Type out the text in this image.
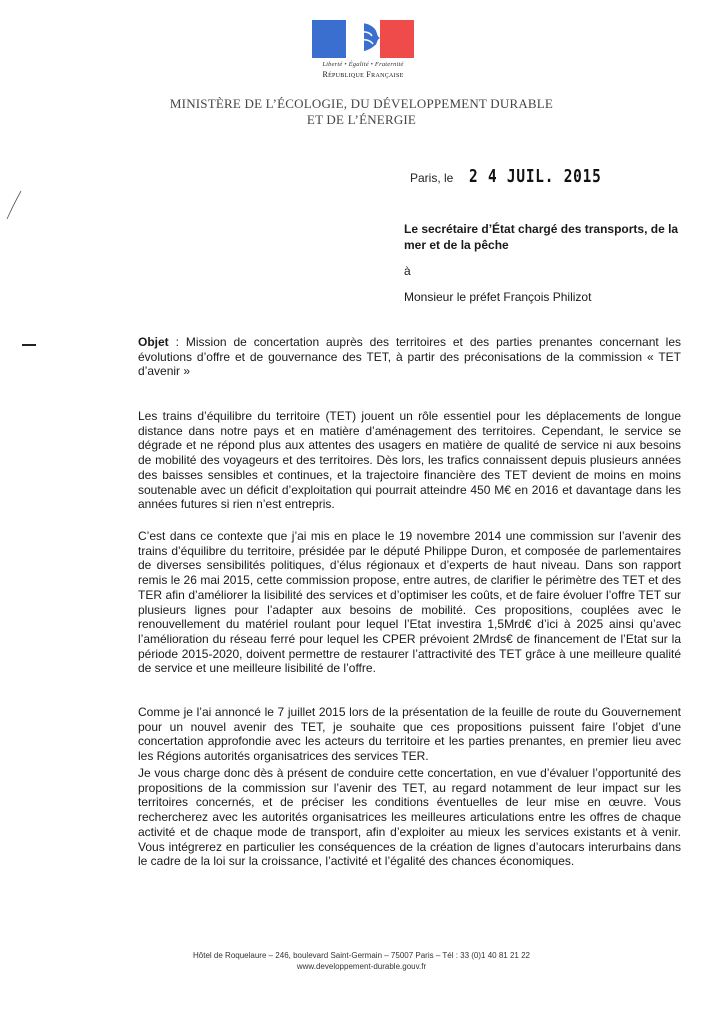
Liberté • Égalité • Fraternité
République Française
MINISTÈRE DE L’ÉCOLOGIE, DU DÉVELOPPEMENT DURABLE
ET DE L’ÉNERGIE
Paris, le 2 4 JUIL. 2015
Le secrétaire d’État chargé des transports, de la mer et de la pêche
à
Monsieur le préfet François Philizot
Objet : Mission de concertation auprès des territoires et des parties prenantes concernant les évolutions d’offre et de gouvernance des TET, à partir des préconisations de la commission « TET d’avenir »
Les trains d’équilibre du territoire (TET) jouent un rôle essentiel pour les déplacements de longue distance dans notre pays et en matière d’aménagement des territoires. Cependant, le service se dégrade et ne répond plus aux attentes des usagers en matière de qualité de service ni aux besoins de mobilité des voyageurs et des territoires. Dès lors, les trafics connaissent depuis plusieurs années des baisses sensibles et continues, et la trajectoire financière des TET devient de moins en moins soutenable avec un déficit d’exploitation qui pourrait atteindre 450 M€ en 2016 et davantage dans les années futures si rien n’est entrepris.
C’est dans ce contexte que j’ai mis en place le 19 novembre 2014 une commission sur l’avenir des trains d’équilibre du territoire, présidée par le député Philippe Duron, et composée de parlementaires de diverses sensibilités politiques, d’élus régionaux et d’experts de haut niveau. Dans son rapport remis le 26 mai 2015, cette commission propose, entre autres, de clarifier le périmètre des TET et des TER afin d’améliorer la lisibilité des services et d’optimiser les coûts, et de faire évoluer l’offre TET sur plusieurs lignes pour l’adapter aux besoins de mobilité. Ces propositions, couplées avec le renouvellement du matériel roulant pour lequel l’Etat investira 1,5Mrd€ d’ici à 2025 ainsi qu’avec l’amélioration du réseau ferré pour lequel les CPER prévoient 2Mrds€ de financement de l’Etat sur la période 2015-2020, doivent permettre de restaurer l’attractivité des TET grâce à une meilleure qualité de service et une meilleure lisibilité de l’offre.
Comme je l’ai annoncé le 7 juillet 2015 lors de la présentation de la feuille de route du Gouvernement pour un nouvel avenir des TET, je souhaite que ces propositions puissent faire l’objet d’une concertation approfondie avec les acteurs du territoire et les parties prenantes, en premier lieu avec les Régions autorités organisatrices des services TER.
Je vous charge donc dès à présent de conduire cette concertation, en vue d’évaluer l’opportunité des propositions de la commission sur l’avenir des TET, au regard notamment de leur impact sur les territoires concernés, et de préciser les conditions éventuelles de leur mise en œuvre. Vous rechercherez avec les autorités organisatrices les meilleures articulations entre les offres de chaque activité et de chaque mode de transport, afin d’exploiter au mieux les services existants et à venir. Vous intégrerez en particulier les conséquences de la création de lignes d’autocars interurbains dans le cadre de la loi sur la croissance, l’activité et l’égalité des chances économiques.
Hôtel de Roquelaure – 246, boulevard Saint-Germain – 75007 Paris – Tél : 33 (0)1 40 81 21 22
www.developpement-durable.gouv.fr
